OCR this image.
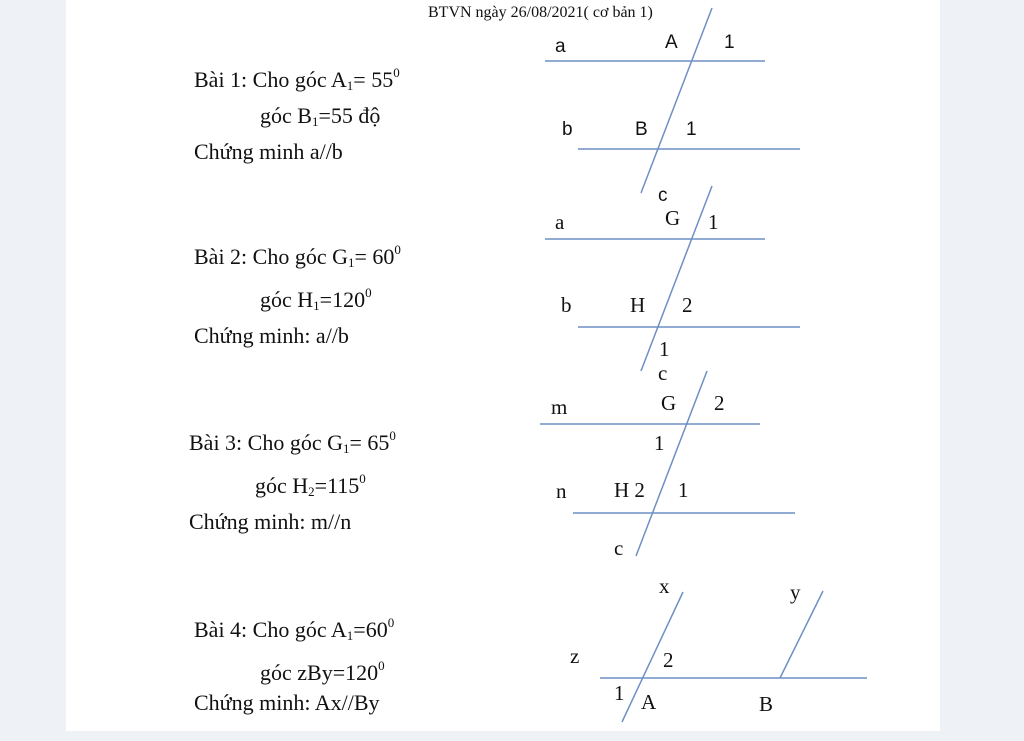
BTVN ngày 26/08/2021( cơ bản 1)
Bài 1: Cho góc $A_1= 55^0$
góc $B_1=55$ độ
Chứng minh a//b
Bài 2: Cho góc $G_1= 60^0$
góc $H_1=120^0$
Chứng minh: a//b
Bài 3: Cho góc $G_1= 65^0$
góc $H_2=115^0$
Chứng minh: m//n
Bài 4: Cho góc $A_1=60^0$
góc $zBy=120^0$
Chứng minh: Ax//By
a	A 1
b	B 1
c
a	G 1
b	H 2
1
c
m	G 2
1
n H 2 1
c
x	y
z	2
1 A	B
